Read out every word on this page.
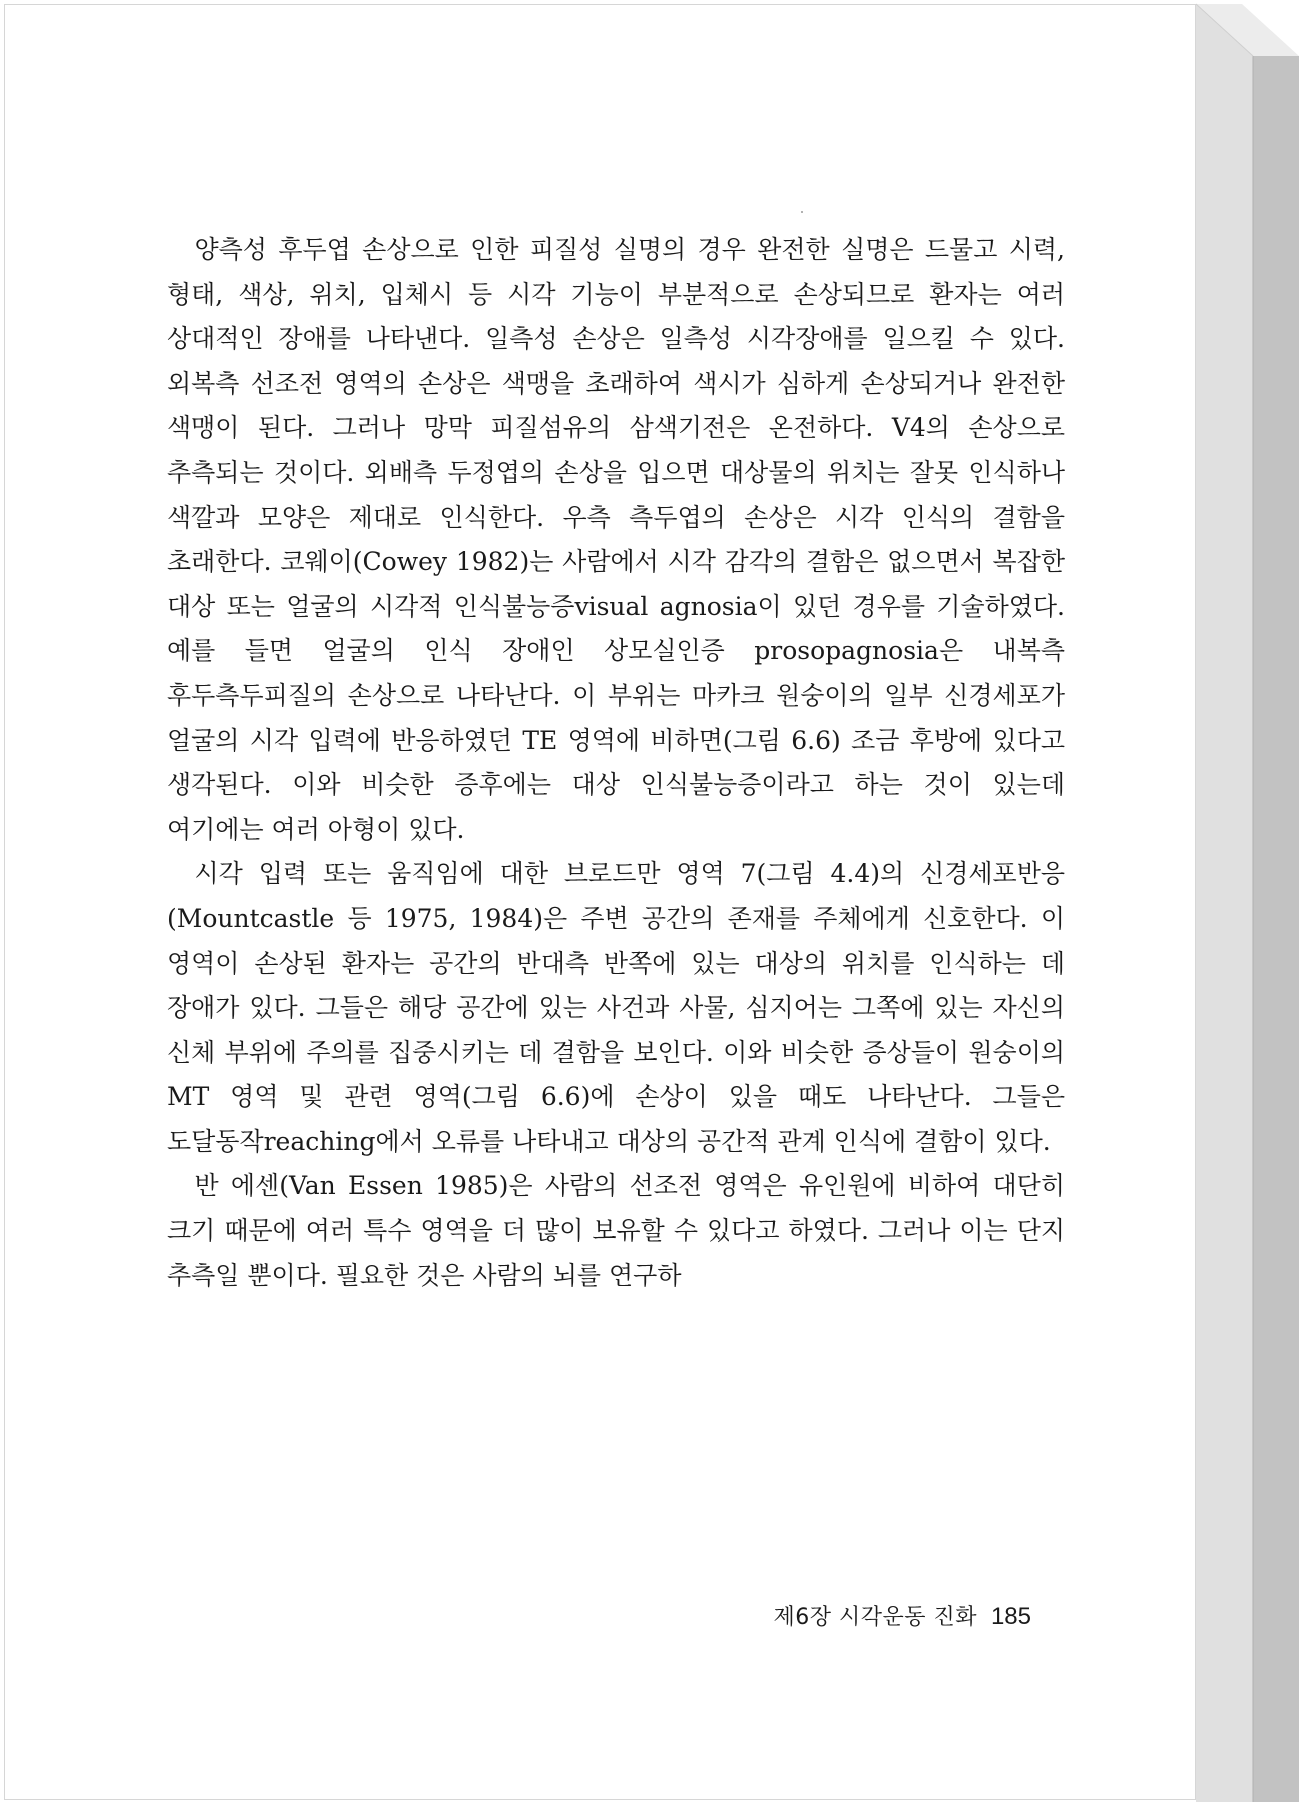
양측성 후두엽 손상으로 인한 피질성 실명의 경우 완전한 실명은 드물고 시력, 형태, 색상, 위치, 입체시 등 시각 기능이 부분적으로 손상되므로 환자는 여러 상대적인 장애를 나타낸다. 일측성 손상은 일측성 시각장애를 일으킬 수 있다. 외복측 선조전 영역의 손상은 색맹을 초래하여 색시가 심하게 손상되거나 완전한 색맹이 된다. 그러나 망막 피질섬유의 삼색기전은 온전하다. V4의 손상으로 추측되는 것이다. 외배측 두정엽의 손상을 입으면 대상물의 위치는 잘못 인식하나 색깔과 모양은 제대로 인식한다. 우측 측두엽의 손상은 시각 인식의 결함을 초래한다. 코웨이(Cowey 1982)는 사람에서 시각 감각의 결함은 없으면서 복잡한 대상 또는 얼굴의 시각적 인식불능증visual agnosia이 있던 경우를 기술하였다. 예를 들면 얼굴의 인식 장애인 상모실인증 prosopagnosia은 내복측 후두측두피질의 손상으로 나타난다. 이 부위는 마카크 원숭이의 일부 신경세포가 얼굴의 시각 입력에 반응하였던 TE 영역에 비하면(그림 6.6) 조금 후방에 있다고 생각된다. 이와 비슷한 증후에는 대상 인식불능증이라고 하는 것이 있는데 여기에는 여러 아형이 있다.

시각 입력 또는 움직임에 대한 브로드만 영역 7(그림 4.4)의 신경세포반응(Mountcastle 등 1975, 1984)은 주변 공간의 존재를 주체에게 신호한다. 이 영역이 손상된 환자는 공간의 반대측 반쪽에 있는 대상의 위치를 인식하는 데 장애가 있다. 그들은 해당 공간에 있는 사건과 사물, 심지어는 그쪽에 있는 자신의 신체 부위에 주의를 집중시키는 데 결함을 보인다. 이와 비슷한 증상들이 원숭이의 MT 영역 및 관련 영역(그림 6.6)에 손상이 있을 때도 나타난다. 그들은 도달동작reaching에서 오류를 나타내고 대상의 공간적 관계 인식에 결함이 있다.

반 에센(Van Essen 1985)은 사람의 선조전 영역은 유인원에 비하여 대단히 크기 때문에 여러 특수 영역을 더 많이 보유할 수 있다고 하였다. 그러나 이는 단지 추측일 뿐이다. 필요한 것은 사람의 뇌를 연구하

제6장 시각운동 진화 185
